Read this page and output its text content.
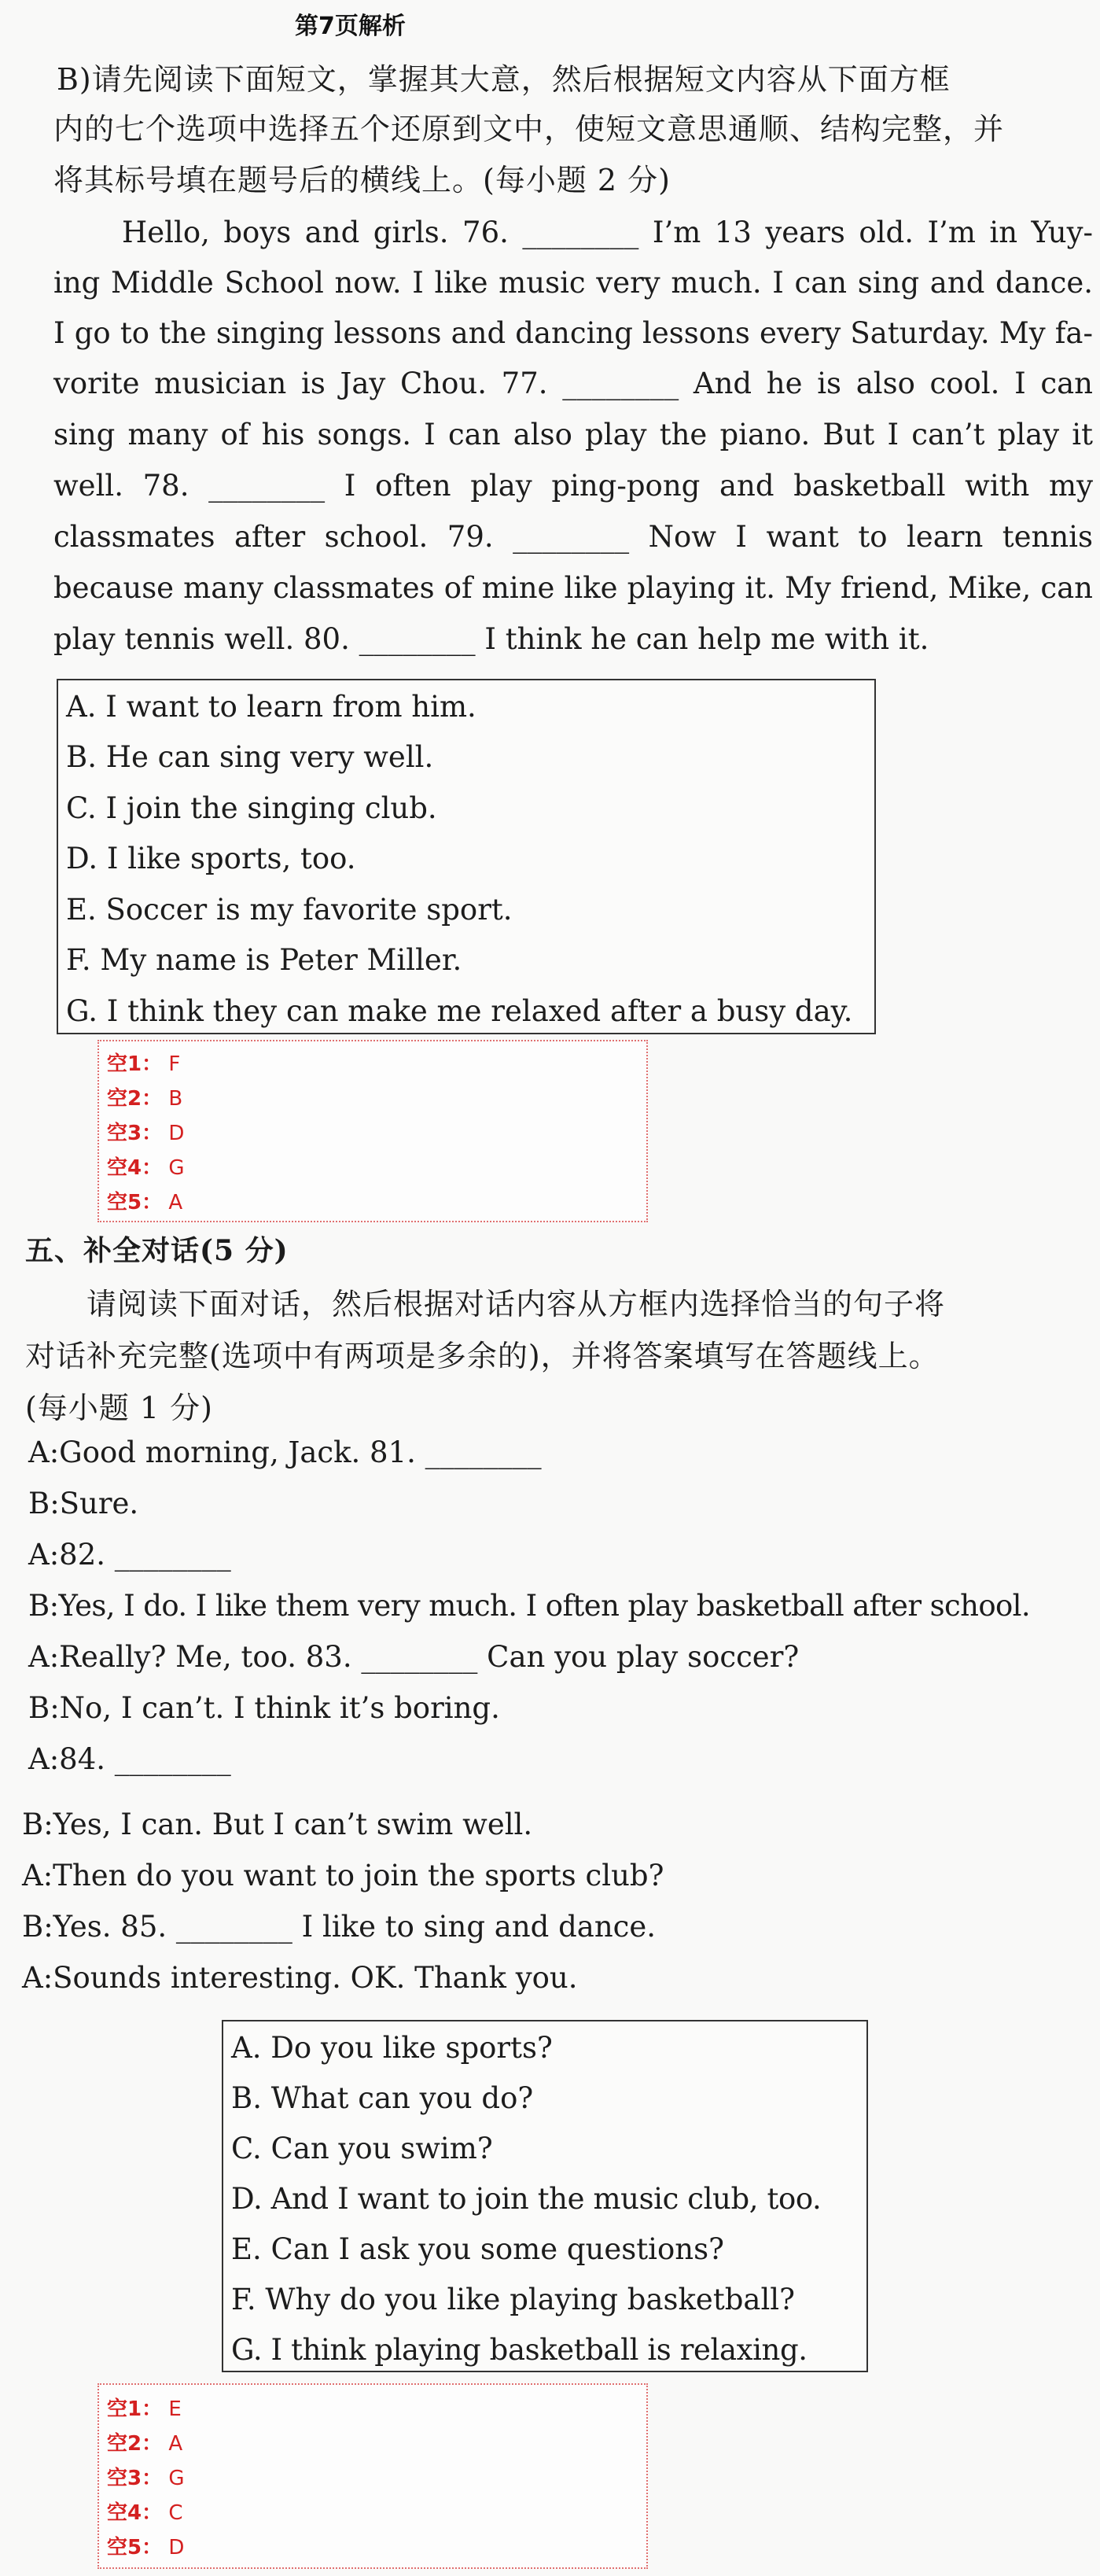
第7页解析
B)请先阅读下面短文，掌握其大意，然后根据短文内容从下面方框
内的七个选项中选择五个还原到文中，使短文意思通顺、结构完整，并
将其标号填在题号后的横线上。(每小题 2 分)
Hello, boys and girls. 76. ________ I’m 13 years old. I’m in Yuy-
ing Middle School now. I like music very much. I can sing and dance.
I go to the singing lessons and dancing lessons every Saturday. My fa-
vorite musician is Jay Chou. 77. ________ And he is also cool. I can
sing many of his songs. I can also play the piano. But I can’t play it
well. 78. ________ I often play ping-pong and basketball with my
classmates after school. 79. ________ Now I want to learn tennis
because many classmates of mine like playing it. My friend, Mike, can
play tennis well. 80. ________ I think he can help me with it.
A. I want to learn from him.
B. He can sing very well.
C. I join the singing club.
D. I like sports, too.
E. Soccer is my favorite sport.
F. My name is Peter Miller.
G. I think they can make me relaxed after a busy day.
空1： F
空2： B
空3： D
空4： G
空5： A
五、补全对话(5 分)
请阅读下面对话，然后根据对话内容从方框内选择恰当的句子将
对话补充完整(选项中有两项是多余的)，并将答案填写在答题线上。
(每小题 1 分)
A:Good morning, Jack. 81. ________
B:Sure.
A:82. ________
B:Yes, I do. I like them very much. I often play basketball after school.
A:Really? Me, too. 83. ________ Can you play soccer?
B:No, I can’t. I think it’s boring.
A:84. ________
B:Yes, I can. But I can’t swim well.
A:Then do you want to join the sports club?
B:Yes. 85. ________ I like to sing and dance.
A:Sounds interesting. OK. Thank you.
A. Do you like sports?
B. What can you do?
C. Can you swim?
D. And I want to join the music club, too.
E. Can I ask you some questions?
F. Why do you like playing basketball?
G. I think playing basketball is relaxing.
空1： E
空2： A
空3： G
空4： C
空5： D
